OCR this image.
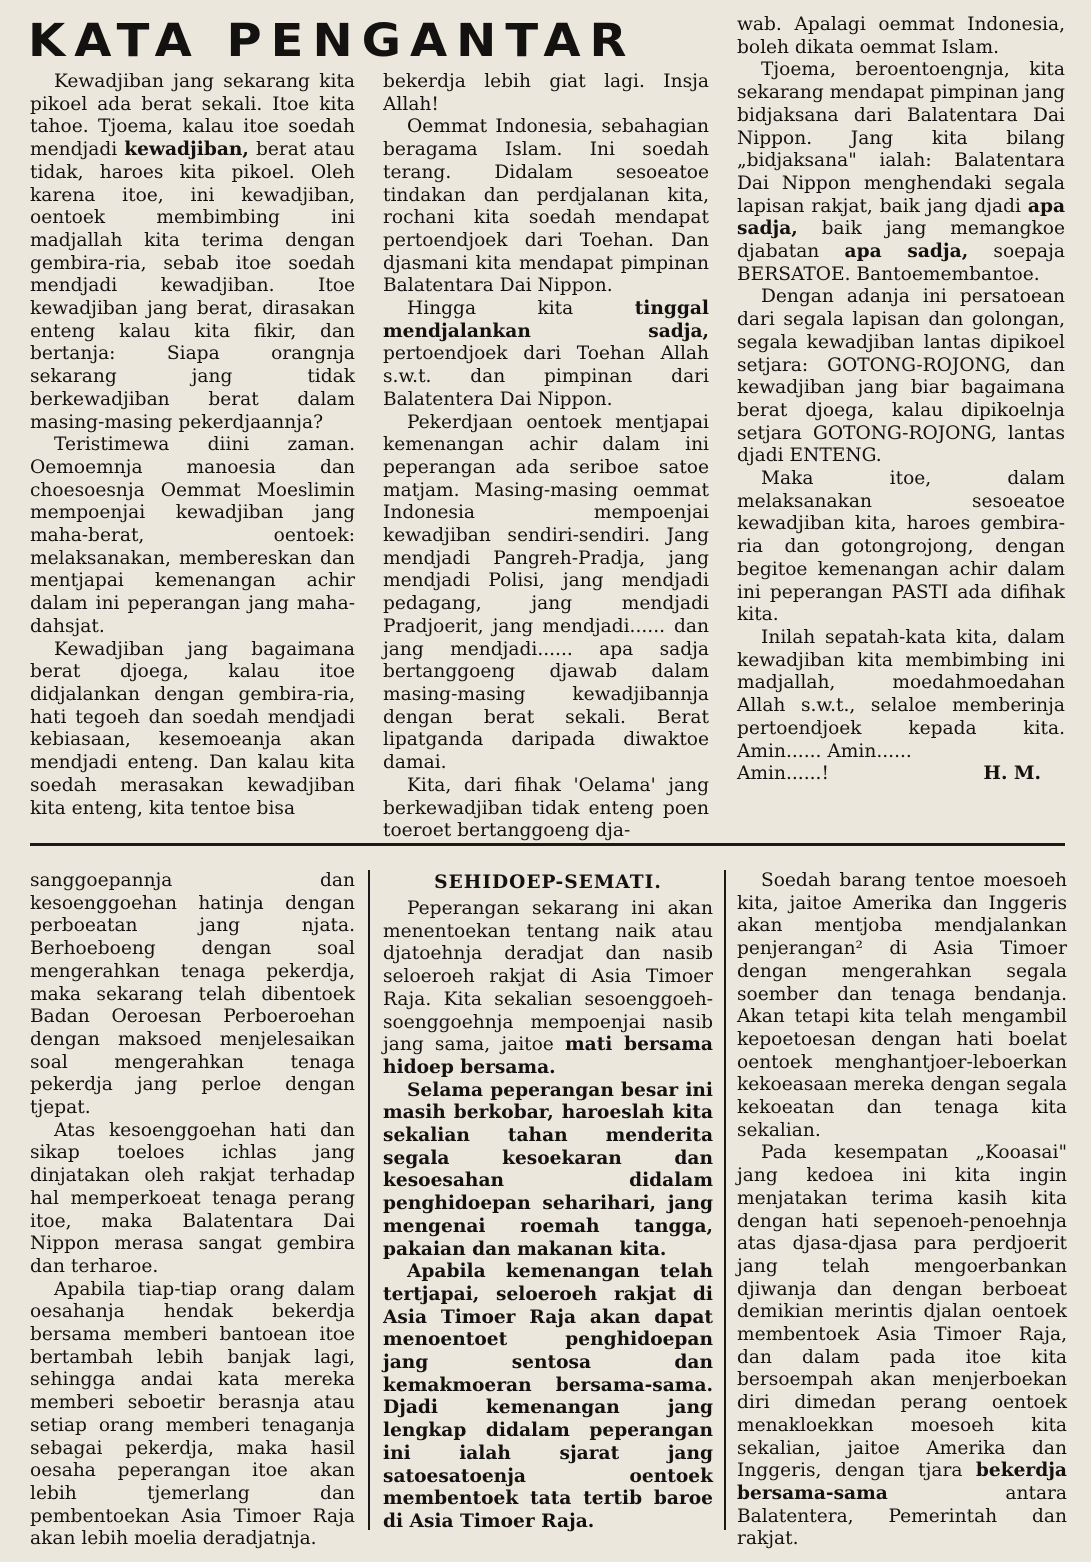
KATA PENGANTAR

Kewadjiban jang sekarang kita pikoel ada berat sekali. Itoe kita tahoe. Tjoema, kalau itoe soedah mendjadi kewadjiban, berat atau tidak, haroes kita pikoel. Oleh karena itoe, ini kewadjiban, oentoek membimbing ini madjallah kita terima dengan gembira-ria, sebab itoe soedah mendjadi kewadjiban. Itoe kewadjiban jang berat, dirasakan enteng kalau kita fikir, dan bertanja: Siapa orangnja sekarang jang tidak berkewadjiban berat dalam masing-masing pekerdjaannja?

Teristimewa diini zaman. Oemoemnja manoesia dan choesoesnja Oemmat Moeslimin mempoenjai kewadjiban jang maha-berat, oentoek: melaksanakan, membereskan dan mentjapai kemenangan achir dalam ini peperangan jang maha-dahsjat.

Kewadjiban jang bagaimana berat djoega, kalau itoe didjalankan dengan gembira-ria, hati tegoeh dan soedah mendjadi kebiasaan, kesemoeanja akan mendjadi enteng. Dan kalau kita soedah merasakan kewadjiban kita enteng, kita tentoe bisa

bekerdja lebih giat lagi. Insja Allah!

Oemmat Indonesia, sebahagian beragama Islam. Ini soedah terang. Didalam sesoeatoe tindakan dan perdjalanan kita, rochani kita soedah mendapat pertoendjoek dari Toehan. Dan djasmani kita mendapat pimpinan Balatentara Dai Nippon.

Hingga kita	tinggal mendjalankan sadja, pertoendjoek dari Toehan Allah s.w.t. dan pimpinan dari Balatentera Dai Nippon.

Pekerdjaan oentoek mentjapai kemenangan achir dalam ini peperangan ada seriboe satoe matjam. Masing-masing oemmat Indonesia mempoenjai kewadjiban sendiri-sendiri. Jang mendjadi Pangreh-Pradja, jang mendjadi Polisi, jang mendjadi pedagang, jang mendjadi Pradjoerit, jang mendjadi...... dan jang mendjadi...... apa sadja bertanggoeng djawab dalam masing-masing kewadjibannja dengan berat sekali. Berat lipatganda daripada diwaktoe damai.

Kita, dari fihak 'Oelama' jang berkewadjiban tidak enteng poen toeroet bertanggoeng dja-

wab. Apalagi oemmat Indonesia, boleh dikata oemmat Islam.

Tjoema, beroentoengnja, kita sekarang mendapat pimpinan jang bidjaksana dari Balatentara Dai Nippon. Jang kita bilang „bidjaksana" ialah: Balatentara Dai Nippon menghendaki segala lapisan rakjat, baik jang djadi apa sadja, baik jang memangkoe djabatan apa sadja, soepaja BERSATOE. Bantoemembantoe.

Dengan adanja ini persatoean dari segala lapisan dan golongan, segala kewadjiban lantas dipikoel setjara: GOTONG-ROJONG, dan kewadjiban jang biar bagaimana berat djoega, kalau dipikoelnja setjara GOTONG-ROJONG, lantas djadi ENTENG.

Maka itoe, dalam melaksanakan sesoeatoe kewadjiban kita, haroes gembira-ria dan gotongrojong, dengan begitoe kemenangan achir dalam ini peperangan PASTI ada difihak kita.

Inilah sepatah-kata kita, dalam kewadjiban kita membimbing ini madjallah, moedahmoedahan Allah s.w.t., selaloe memberinja pertoendjoek kepada kita. Amin...... Amin......

Amin......!	H. M.

sanggoepannja dan kesoenggoehan hatinja dengan perboeatan jang njata. Berhoeboeng dengan soal mengerahkan tenaga pekerdja, maka sekarang telah dibentoek Badan Oeroesan Perboeroehan dengan maksoed menjelesaikan soal mengerahkan tenaga pekerdja jang perloe dengan tjepat.

Atas kesoenggoehan hati dan sikap toeloes ichlas jang dinjatakan oleh rakjat terhadap hal memperkoeat tenaga perang itoe, maka Balatentara Dai Nippon merasa sangat gembira dan terharoe.

Apabila tiap-tiap orang dalam oesahanja hendak bekerdja bersama memberi bantoean itoe bertambah lebih banjak lagi, sehingga andai kata mereka memberi seboetir berasnja atau setiap orang memberi tenaganja sebagai pekerdja, maka hasil oesaha peperangan itoe akan lebih tjemerlang dan pembentoekan Asia Timoer Raja akan lebih moelia deradjatnja.

SEHIDOEP-SEMATI.

Peperangan sekarang ini akan menentoekan tentang naik atau djatoehnja deradjat dan nasib seloeroeh rakjat di Asia Timoer Raja. Kita sekalian sesoenggoeh-soenggoehnja mempoenjai nasib jang sama, jaitoe mati bersama hidoep bersama.

Selama peperangan besar ini masih berkobar, haroeslah kita sekalian tahan menderita segala kesoekaran dan kesoesahan didalam penghidoepan seharihari, jang mengenai roemah tangga, pakaian dan makanan kita.

Apabila kemenangan telah tertjapai, seloeroeh rakjat di Asia Timoer Raja akan dapat menoentoet penghidoepan jang sentosa dan kemakmoeran bersama-sama. Djadi kemenangan jang lengkap didalam peperangan ini ialah sjarat jang satoesatoenja oentoek membentoek tata tertib baroe di Asia Timoer Raja.

Soedah barang tentoe moesoeh kita, jaitoe Amerika dan Inggeris akan mentjoba mendjalankan penjerangan² di Asia Timoer dengan mengerahkan segala soember dan tenaga bendanja. Akan tetapi kita telah mengambil kepoetoesan dengan hati boelat oentoek menghantjoer-leboerkan kekoeasaan mereka dengan segala kekoeatan dan tenaga kita sekalian.

Pada kesempatan „Kooasai" jang kedoea ini kita ingin menjatakan terima kasih kita dengan hati sepenoeh-penoehnja atas djasa-djasa para perdjoerit jang telah mengoerbankan djiwanja dan dengan berboeat demikian merintis djalan oentoek membentoek Asia Timoer Raja, dan dalam pada itoe kita bersoempah akan menjerboekan diri dimedan perang oentoek menakloekkan moesoeh kita sekalian, jaitoe Amerika dan Inggeris, dengan tjara bekerdja bersama-sama	antara Balatentera, Pemerintah dan rakjat.
